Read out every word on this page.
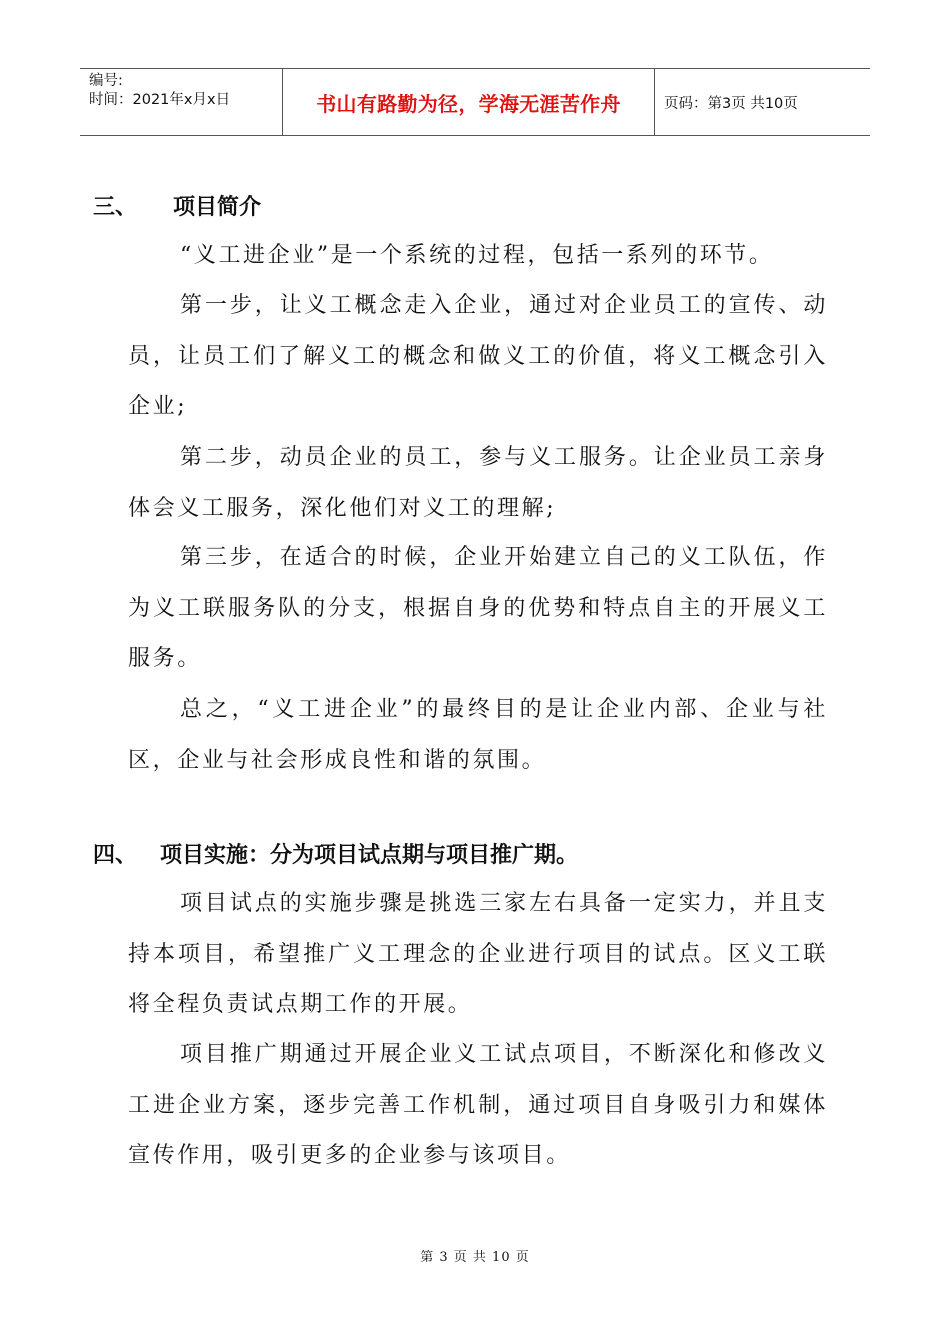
编号:
时间：2021年x月x日	书山有路勤为径，学海无涯苦作舟	页码：第3页 共10页
三、 项目简介

“义工进企业”是一个系统的过程，包括一系列的环节。

第一步，让义工概念走入企业，通过对企业员工的宣传、动员，让员工们了解义工的概念和做义工的价值，将义工概念引入企业;

第二步，动员企业的员工，参与义工服务。让企业员工亲身体会义工服务，深化他们对义工的理解;

第三步，在适合的时候，企业开始建立自己的义工队伍，作为义工联服务队的分支，根据自身的优势和特点自主的开展义工服务。

总之，“义工进企业”的最终目的是让企业内部、企业与社区，企业与社会形成良性和谐的氛围。

四、 项目实施：分为项目试点期与项目推广期。

项目试点的实施步骤是挑选三家左右具备一定实力，并且支持本项目，希望推广义工理念的企业进行项目的试点。区义工联将全程负责试点期工作的开展。

项目推广期通过开展企业义工试点项目，不断深化和修改义工进企业方案，逐步完善工作机制，通过项目自身吸引力和媒体宣传作用，吸引更多的企业参与该项目。

第 3 页 共 10 页
